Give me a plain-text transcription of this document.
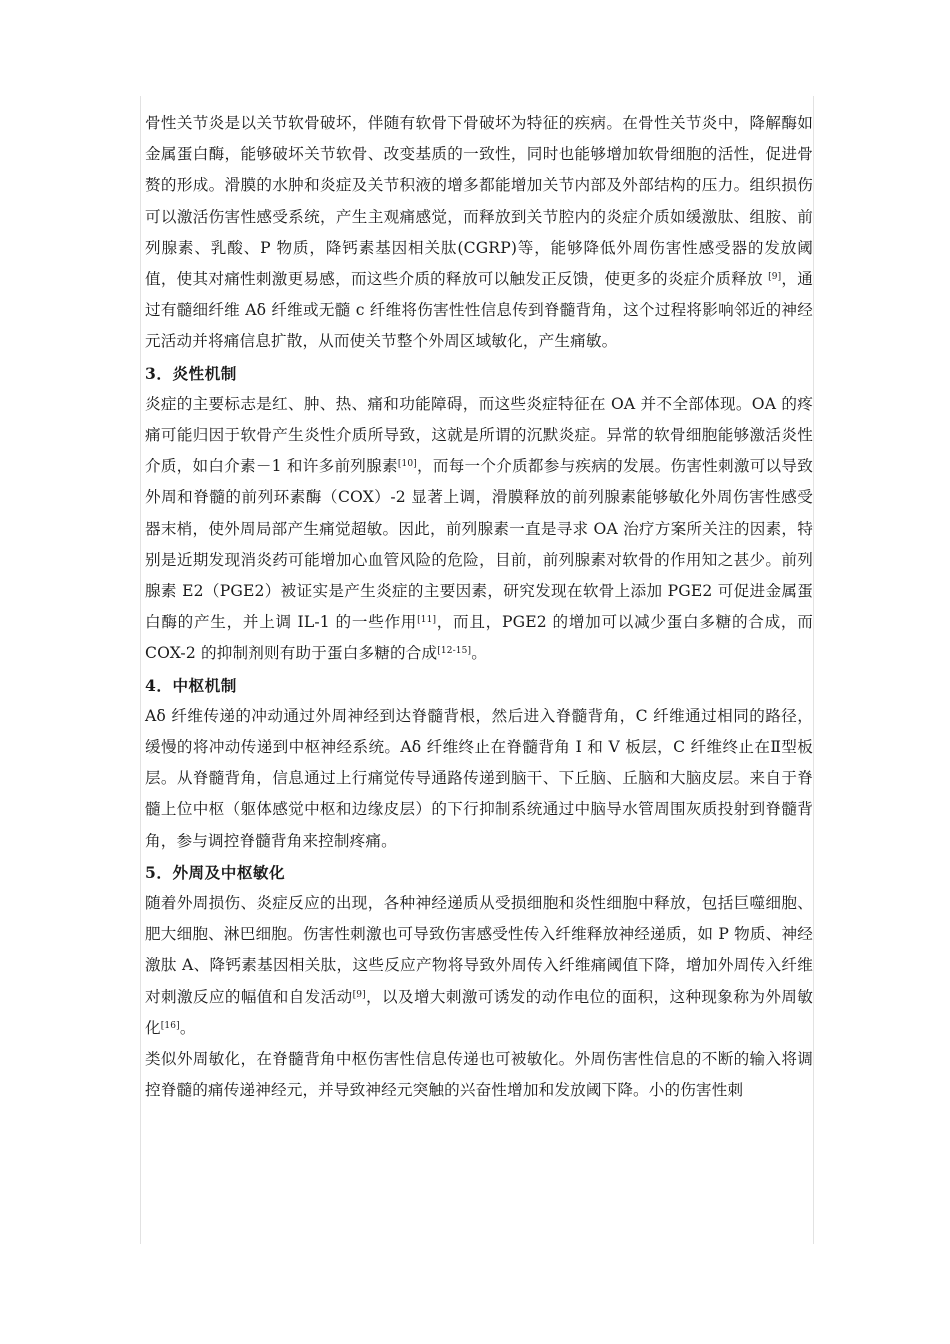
骨性关节炎是以关节软骨破坏，伴随有软骨下骨破坏为特征的疾病。在骨性关节炎中，降解酶如金属蛋白酶，能够破坏关节软骨、改变基质的一致性，同时也能够增加软骨细胞的活性，促进骨赘的形成。滑膜的水肿和炎症及关节积液的增多都能增加关节内部及外部结构的压力。组织损伤可以激活伤害性感受系统，产生主观痛感觉，而释放到关节腔内的炎症介质如缓激肽、组胺、前列腺素、乳酸、P 物质，降钙素基因相关肽(CGRP)等，能够降低外周伤害性感受器的发放阈值，使其对痛性刺激更易感，而这些介质的释放可以触发正反馈，使更多的炎症介质释放 [9]，通过有髓细纤维 Aδ 纤维或无髓 c 纤维将伤害性性信息传到脊髓背角，这个过程将影响邻近的神经元活动并将痛信息扩散，从而使关节整个外周区域敏化，产生痛敏。

3．炎性机制

炎症的主要标志是红、肿、热、痛和功能障碍，而这些炎症特征在 OA 并不全部体现。OA 的疼痛可能归因于软骨产生炎性介质所导致，这就是所谓的沉默炎症。异常的软骨细胞能够激活炎性介质，如白介素－1 和许多前列腺素[10]，而每一个介质都参与疾病的发展。伤害性刺激可以导致外周和脊髓的前列环素酶（COX）-2 显著上调，滑膜释放的前列腺素能够敏化外周伤害性感受器末梢，使外周局部产生痛觉超敏。因此，前列腺素一直是寻求 OA 治疗方案所关注的因素，特别是近期发现消炎药可能增加心血管风险的危险，目前，前列腺素对软骨的作用知之甚少。前列腺素 E2（PGE2）被证实是产生炎症的主要因素，研究发现在软骨上添加 PGE2 可促进金属蛋白酶的产生，并上调 IL-1 的一些作用[11]，而且，PGE2 的增加可以减少蛋白多糖的合成，而 COX-2 的抑制剂则有助于蛋白多糖的合成[12-15]。

4．中枢机制

Aδ 纤维传递的冲动通过外周神经到达脊髓背根，然后进入脊髓背角，C 纤维通过相同的路径，缓慢的将冲动传递到中枢神经系统。Aδ 纤维终止在脊髓背角 I 和 V 板层，C 纤维终止在Ⅱ型板层。从脊髓背角，信息通过上行痛觉传导通路传递到脑干、下丘脑、丘脑和大脑皮层。来自于脊髓上位中枢（躯体感觉中枢和边缘皮层）的下行抑制系统通过中脑导水管周围灰质投射到脊髓背角，参与调控脊髓背角来控制疼痛。

5．外周及中枢敏化

随着外周损伤、炎症反应的出现，各种神经递质从受损细胞和炎性细胞中释放，包括巨噬细胞、肥大细胞、淋巴细胞。伤害性刺激也可导致伤害感受性传入纤维释放神经递质，如 P 物质、神经激肽 A、降钙素基因相关肽，这些反应产物将导致外周传入纤维痛阈值下降，增加外周传入纤维对刺激反应的幅值和自发活动[9]，以及增大刺激可诱发的动作电位的面积，这种现象称为外周敏化[16]。

类似外周敏化，在脊髓背角中枢伤害性信息传递也可被敏化。外周伤害性信息的不断的输入将调控脊髓的痛传递神经元，并导致神经元突触的兴奋性增加和发放阈下降。小的伤害性刺
